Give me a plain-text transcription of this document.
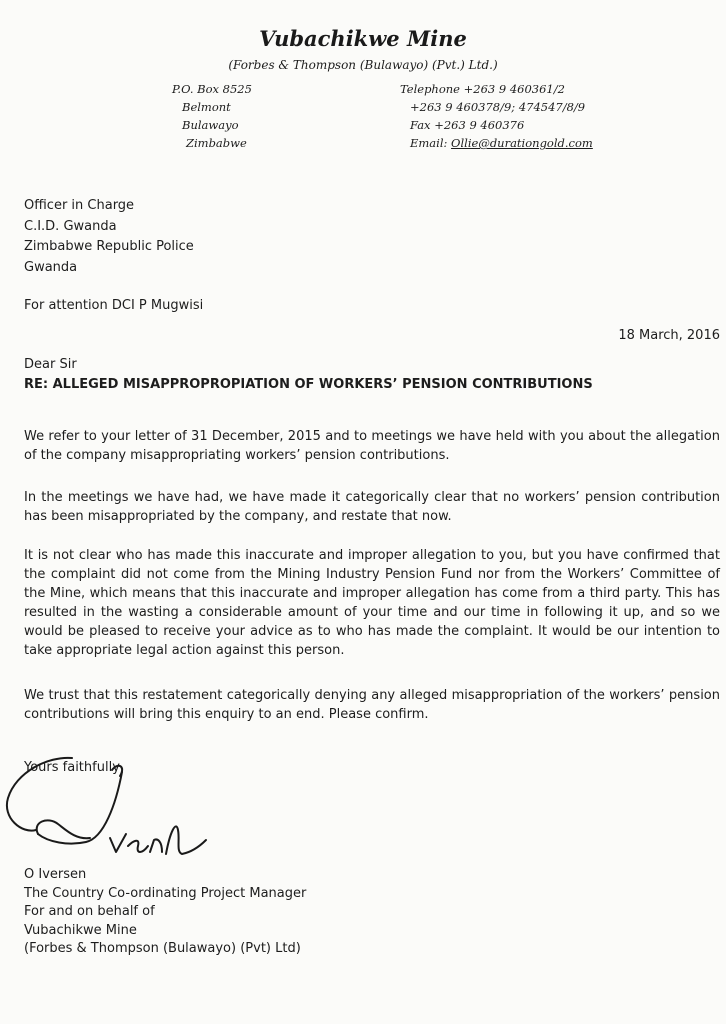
Vubachikwe Mine
(Forbes & Thompson (Bulawayo) (Pvt.) Ltd.)
P.O. Box 8525
Belmont
Bulawayo
Zimbabwe
Telephone +263 9 460361/2
+263 9 460378/9; 474547/8/9
Fax +263 9 460376
Email: Ollie@durationgold.com
Officer in Charge
C.I.D. Gwanda
Zimbabwe Republic Police
Gwanda
For attention DCI P Mugwisi
18 March, 2016
Dear Sir
RE: ALLEGED MISAPPROPROPIATION OF WORKERS’ PENSION CONTRIBUTIONS
We refer to your letter of 31 December, 2015 and to meetings we have held with you about the allegation of the company misappropriating workers’ pension contributions.
In the meetings we have had, we have made it categorically clear that no workers’ pension contribution has been misappropriated by the company, and restate that now.
It is not clear who has made this inaccurate and improper allegation to you, but you have confirmed that the complaint did not come from the Mining Industry Pension Fund nor from the Workers’ Committee of the Mine, which means that this inaccurate and improper allegation has come from a third party. This has resulted in the wasting a considerable amount of your time and our time in following it up, and so we would be pleased to receive your advice as to who has made the complaint. It would be our intention to take appropriate legal action against this person.
We trust that this restatement categorically denying any alleged misappropriation of the workers’ pension contributions will bring this enquiry to an end. Please confirm.
Yours faithfully
O Iversen
The Country Co-ordinating Project Manager
For and on behalf of
Vubachikwe Mine
(Forbes & Thompson (Bulawayo) (Pvt) Ltd)
